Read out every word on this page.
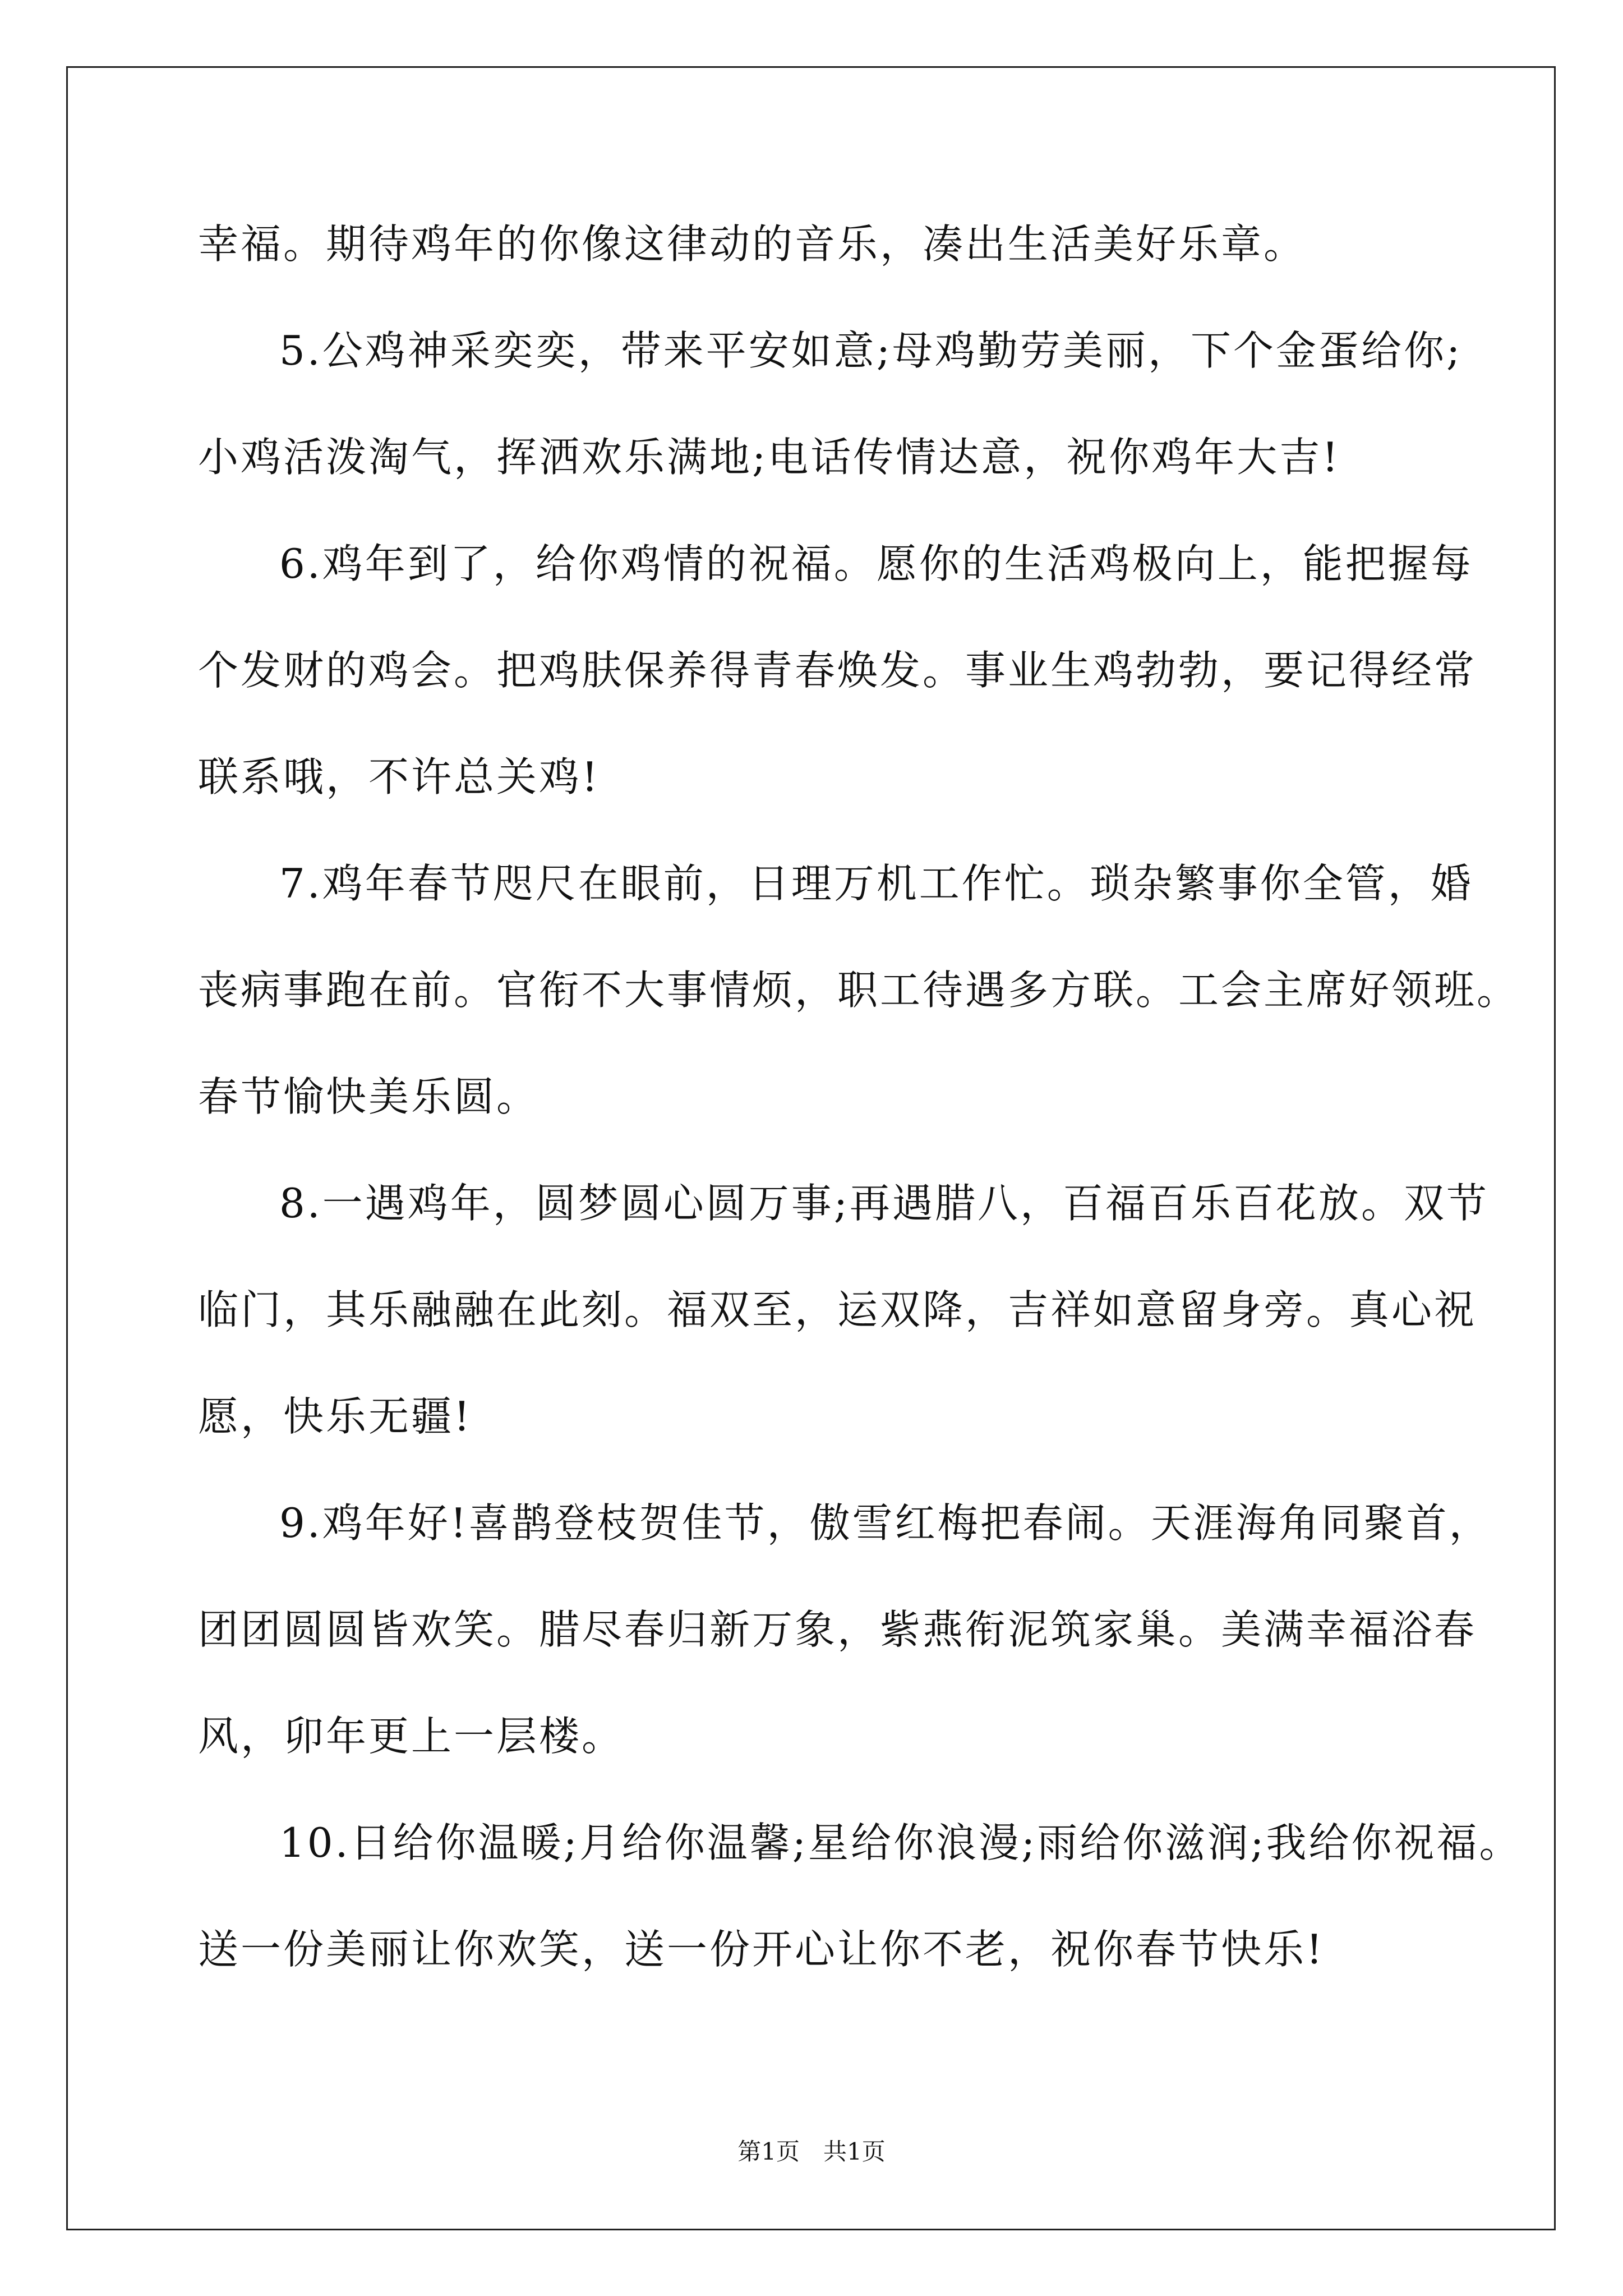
幸福。期待鸡年的你像这律动的音乐，凑出生活美好乐章。
5.公鸡神采奕奕，带来平安如意;母鸡勤劳美丽，下个金蛋给你;
小鸡活泼淘气，挥洒欢乐满地;电话传情达意，祝你鸡年大吉!
6.鸡年到了，给你鸡情的祝福。愿你的生活鸡极向上，能把握每
个发财的鸡会。把鸡肤保养得青春焕发。事业生鸡勃勃，要记得经常
联系哦，不许总关鸡!
7.鸡年春节咫尺在眼前，日理万机工作忙。琐杂繁事你全管，婚
丧病事跑在前。官衔不大事情烦，职工待遇多方联。工会主席好领班。
春节愉快美乐圆。
8.一遇鸡年，圆梦圆心圆万事;再遇腊八，百福百乐百花放。双节
临门，其乐融融在此刻。福双至，运双降，吉祥如意留身旁。真心祝
愿，快乐无疆!
9.鸡年好!喜鹊登枝贺佳节，傲雪红梅把春闹。天涯海角同聚首，
团团圆圆皆欢笑。腊尽春归新万象，紫燕衔泥筑家巢。美满幸福浴春
风，卯年更上一层楼。
10.日给你温暖;月给你温馨;星给你浪漫;雨给你滋润;我给你祝福。
送一份美丽让你欢笑，送一份开心让你不老，祝你春节快乐!
第1页　共1页
